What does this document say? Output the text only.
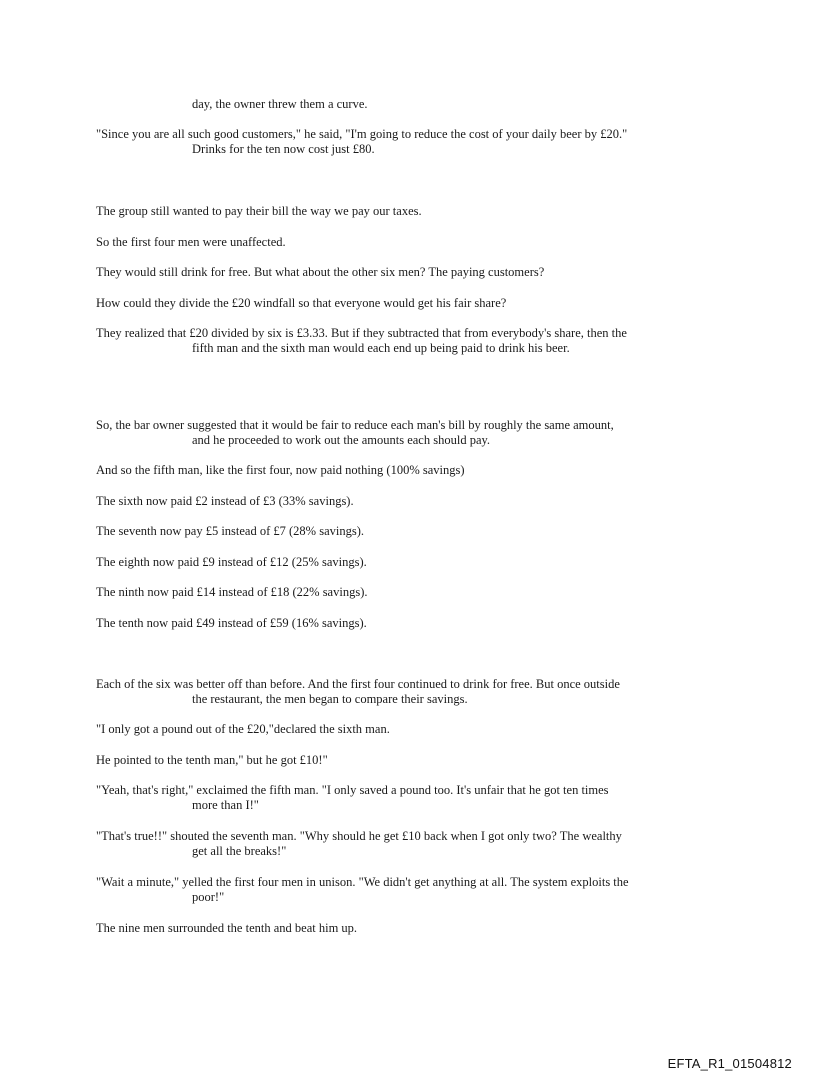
day, the owner threw them a curve.

"Since you are all such good customers," he said, "I'm going to reduce the cost of your daily beer by £20." Drinks for the ten now cost just £80.

The group still wanted to pay their bill the way we pay our taxes.

So the first four men were unaffected.

They would still drink for free. But what about the other six men? The paying customers?

How could they divide the £20 windfall so that everyone would get his fair share?

They realized that £20 divided by six is £3.33. But if they subtracted that from everybody's share, then the fifth man and the sixth man would each end up being paid to drink his beer.

So, the bar owner suggested that it would be fair to reduce each man's bill by roughly the same amount, and he proceeded to work out the amounts each should pay.

And so the fifth man, like the first four, now paid nothing (100% savings)

The sixth now paid £2 instead of £3 (33% savings).

The seventh now pay £5 instead of £7 (28% savings).

The eighth now paid £9 instead of £12 (25% savings).

The ninth now paid £14 instead of £18 (22% savings).

The tenth now paid £49 instead of £59 (16% savings).

Each of the six was better off than before. And the first four continued to drink for free. But once outside the restaurant, the men began to compare their savings.

"I only got a pound out of the £20,"declared the sixth man.

He pointed to the tenth man," but he got £10!"

"Yeah, that's right," exclaimed the fifth man. "I only saved a pound too. It's unfair that he got ten times more than I!"

"That's true!!" shouted the seventh man. "Why should he get £10 back when I got only two? The wealthy get all the breaks!"

"Wait a minute," yelled the first four men in unison. "We didn't get anything at all. The system exploits the poor!"

The nine men surrounded the tenth and beat him up.

EFTA_R1_01504812
